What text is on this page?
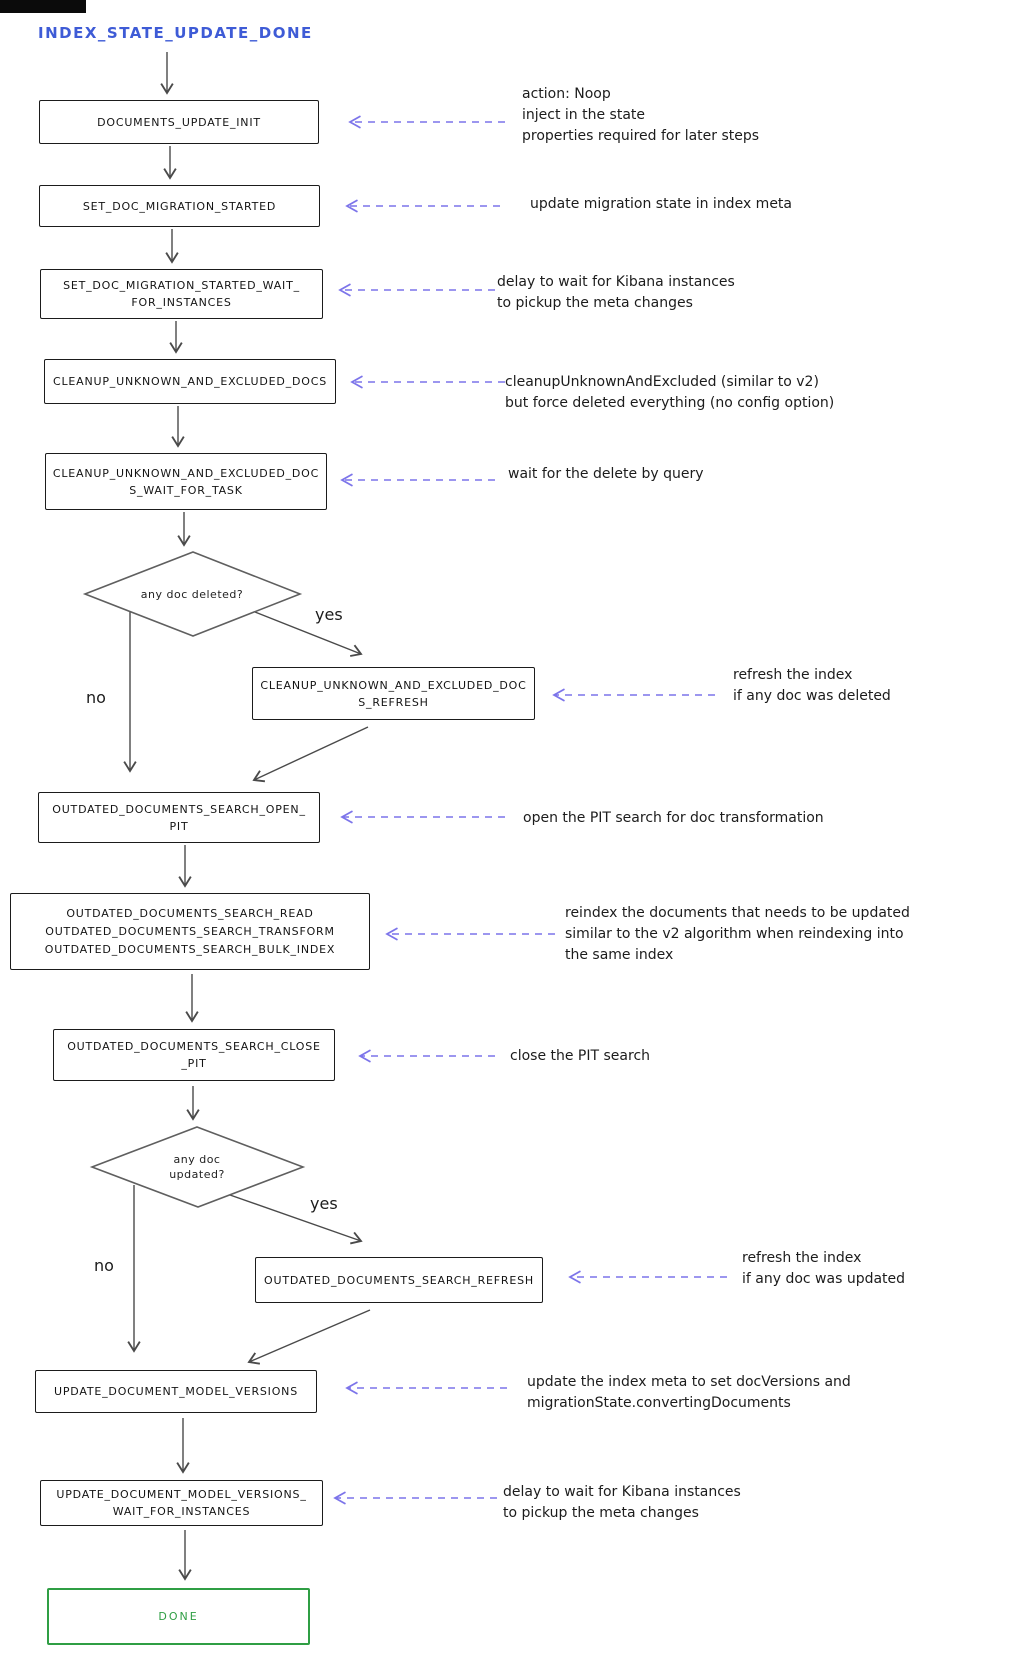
INDEX_STATE_UPDATE_DONE
DOCUMENTS_UPDATE_INIT
SET_DOC_MIGRATION_STARTED
SET_DOC_MIGRATION_STARTED_WAIT_
FOR_INSTANCES
CLEANUP_UNKNOWN_AND_EXCLUDED_DOCS
CLEANUP_UNKNOWN_AND_EXCLUDED_DOC
S_WAIT_FOR_TASK
CLEANUP_UNKNOWN_AND_EXCLUDED_DOC
S_REFRESH
OUTDATED_DOCUMENTS_SEARCH_OPEN_
PIT
OUTDATED_DOCUMENTS_SEARCH_READ
OUTDATED_DOCUMENTS_SEARCH_TRANSFORM
OUTDATED_DOCUMENTS_SEARCH_BULK_INDEX
OUTDATED_DOCUMENTS_SEARCH_CLOSE
_PIT
OUTDATED_DOCUMENTS_SEARCH_REFRESH
UPDATE_DOCUMENT_MODEL_VERSIONS
UPDATE_DOCUMENT_MODEL_VERSIONS_
WAIT_FOR_INSTANCES
DONE
any doc deleted?
any doc
updated?
yes
no
yes
no
action: Noop
inject in the state
properties required for later steps
update migration state in index meta
delay to wait for Kibana instances
to pickup the meta changes
cleanupUnknownAndExcluded (similar to v2)
but force deleted everything (no config option)
wait for the delete by query
refresh the index
if any doc was deleted
open the PIT search for doc transformation
reindex the documents that needs to be updated
similar to the v2 algorithm when reindexing into
the same index
close the PIT search
refresh the index
if any doc was updated
update the index meta to set docVersions and
migrationState.convertingDocuments
delay to wait for Kibana instances
to pickup the meta changes
